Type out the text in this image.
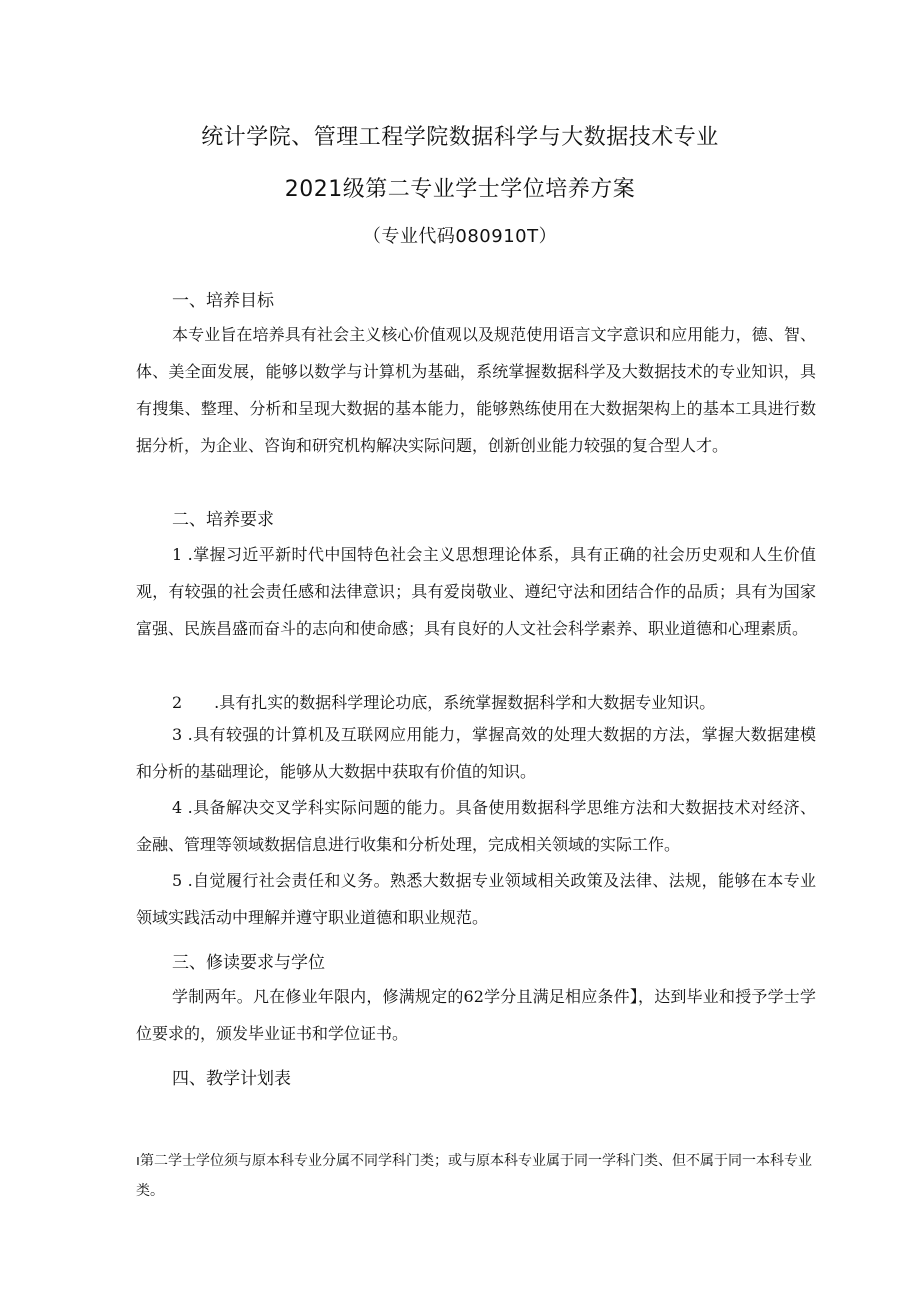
统计学院、管理工程学院数据科学与大数据技术专业
2021级第二专业学士学位培养方案
（专业代码080910T）
一、培养目标

本专业旨在培养具有社会主义核心价值观以及规范使用语言文字意识和应用能力，德、智、体、美全面发展，能够以数学与计算机为基础，系统掌握数据科学及大数据技术的专业知识，具有搜集、整理、分析和呈现大数据的基本能力，能够熟练使用在大数据架构上的基本工具进行数据分析，为企业、咨询和研究机构解决实际问题，创新创业能力较强的复合型人才。

二、培养要求

1 .掌握习近平新时代中国特色社会主义思想理论体系，具有正确的社会历史观和人生价值观，有较强的社会责任感和法律意识；具有爱岗敬业、遵纪守法和团结合作的品质；具有为国家富强、民族昌盛而奋斗的志向和使命感；具有良好的人文社会科学素养、职业道德和心理素质。

2　　.具有扎实的数据科学理论功底，系统掌握数据科学和大数据专业知识。

3 .具有较强的计算机及互联网应用能力，掌握高效的处理大数据的方法，掌握大数据建模和分析的基础理论，能够从大数据中获取有价值的知识。

4 .具备解决交叉学科实际问题的能力。具备使用数据科学思维方法和大数据技术对经济、金融、管理等领域数据信息进行收集和分析处理，完成相关领域的实际工作。

5 .自觉履行社会责任和义务。熟悉大数据专业领域相关政策及法律、法规，能够在本专业领域实践活动中理解并遵守职业道德和职业规范。

三、修读要求与学位

学制两年。凡在修业年限内，修满规定的62学分且满足相应条件】，达到毕业和授予学士学位要求的，颁发毕业证书和学位证书。

四、教学计划表
ı第二学士学位须与原本科专业分属不同学科门类；或与原本科专业属于同一学科门类、但不属于同一本科专业类。
